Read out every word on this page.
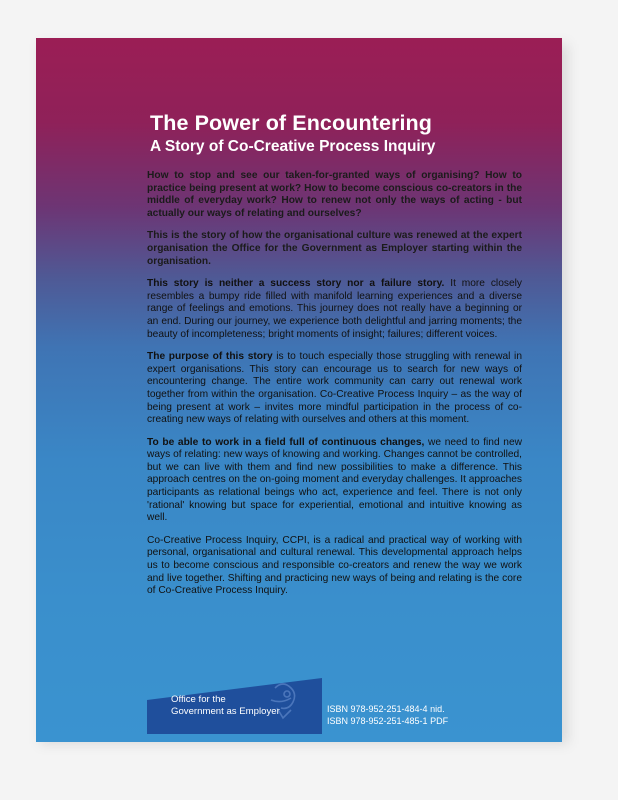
The Power of Encountering
A Story of Co-Creative Process Inquiry

How to stop and see our taken-for-granted ways of organising? How to practice being present at work? How to become conscious co-creators in the middle of everyday work? How to renew not only the ways of acting - but actually our ways of relating and ourselves?

This is the story of how the organisational culture was renewed at the expert organisation the Office for the Government as Employer starting within the organisation.

This story is neither a success story nor a failure story. It more closely resembles a bumpy ride filled with manifold learning experiences and a diverse range of feelings and emotions. This journey does not really have a beginning or an end. During our journey, we experience both delightful and jarring moments; the beauty of incompleteness; bright moments of insight; failures; different voices.

The purpose of this story is to touch especially those struggling with renewal in expert organisations. This story can encourage us to search for new ways of encountering change. The entire work community can carry out renewal work together from within the organisation. Co-Creative Process Inquiry – as the way of being present at work – invites more mindful participation in the process of co-creating new ways of relating with ourselves and others at this moment.

To be able to work in a field full of continuous changes, we need to find new ways of relating: new ways of knowing and working. Changes cannot be controlled, but we can live with them and find new possibilities to make a difference. This approach centres on the on-going moment and everyday challenges. It approaches participants as relational beings who act, experience and feel. There is not only 'rational' knowing but space for experiential, emotional and intuitive knowing as well.

Co-Creative Process Inquiry, CCPI, is a radical and practical way of working with personal, organisational and cultural renewal. This developmental approach helps us to become conscious and responsible co-creators and renew the way we work and live together. Shifting and practicing new ways of being and relating is the core of Co-Creative Process Inquiry.

Office for the
Government as Employer	ISBN 978-952-251-484-4 nid.
ISBN 978-952-251-485-1 PDF
